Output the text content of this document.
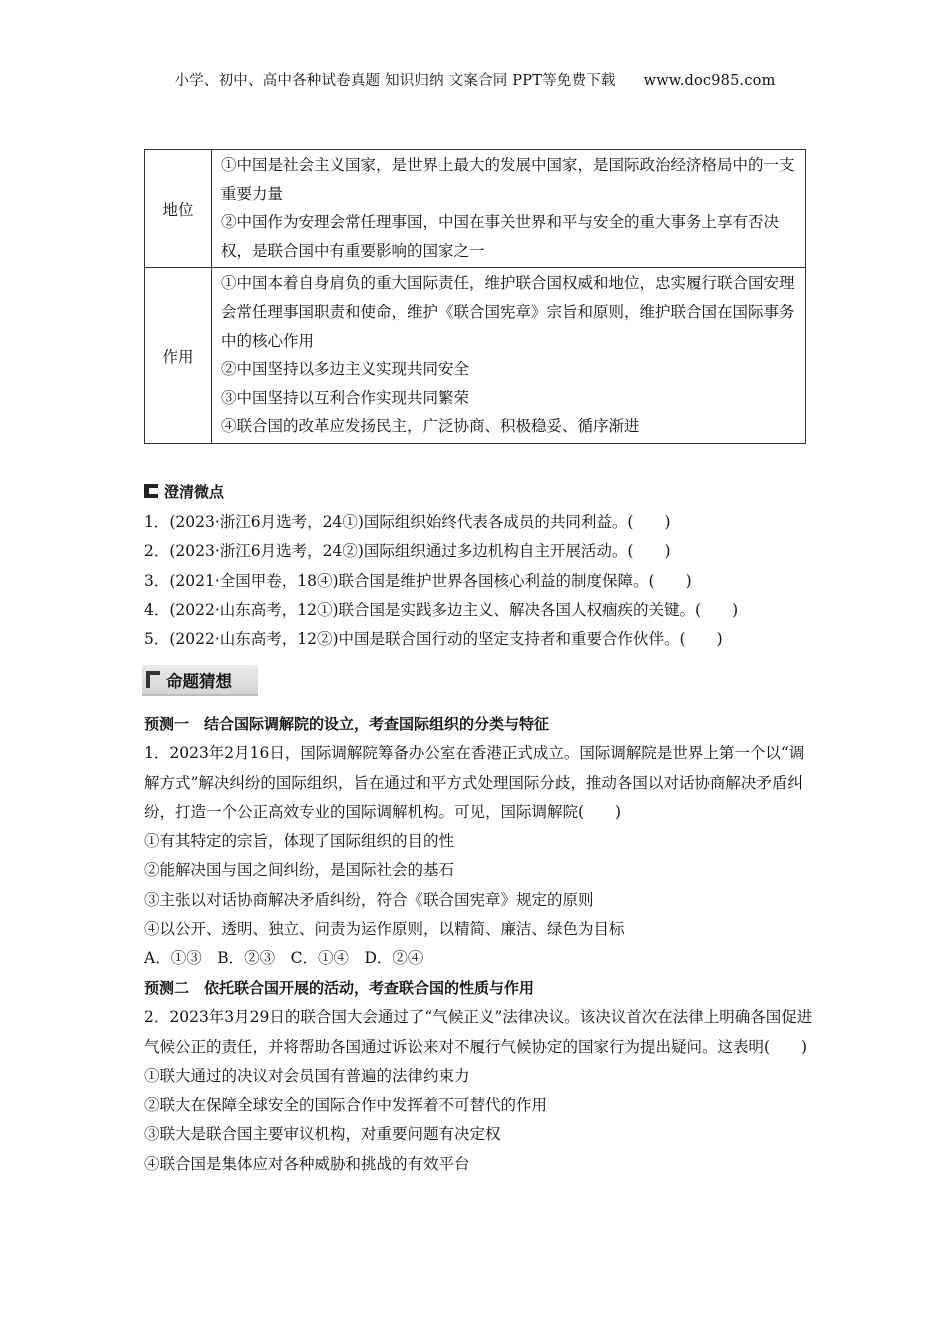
小学、初中、高中各种试卷真题 知识归纳 文案合同 PPT等免费下载 www.doc985.com
地位	①中国是社会主义国家，是世界上最大的发展中国家，是国际政治经济格局中的一支重要力量

②中国作为安理会常任理事国，中国在事关世界和平与安全的重大事务上享有否决权，是联合国中有重要影响的国家之一

作用	①中国本着自身肩负的重大国际责任，维护联合国权威和地位，忠实履行联合国安理会常任理事国职责和使命，维护《联合国宪章》宗旨和原则，维护联合国在国际事务中的核心作用

②中国坚持以多边主义实现共同安全

③中国坚持以互利合作实现共同繁荣

④联合国的改革应发扬民主，广泛协商、积极稳妥、循序渐进

澄清微点

1．(2023·浙江6月选考，24①)国际组织始终代表各成员的共同利益。(　　)

2．(2023·浙江6月选考，24②)国际组织通过多边机构自主开展活动。(　　)

3．(2021·全国甲卷，18④)联合国是维护世界各国核心利益的制度保障。(　　)

4．(2022·山东高考，12①)联合国是实践多边主义、解决各国人权痼疾的关键。(　　)

5．(2022·山东高考，12②)中国是联合国行动的坚定支持者和重要合作伙伴。(　　)

命题猜想

预测一　结合国际调解院的设立，考查国际组织的分类与特征

1．2023年2月16日，国际调解院筹备办公室在香港正式成立。国际调解院是世界上第一个以“调解方式”解决纠纷的国际组织，旨在通过和平方式处理国际分歧，推动各国以对话协商解决矛盾纠纷，打造一个公正高效专业的国际调解机构。可见，国际调解院(　　)

①有其特定的宗旨，体现了国际组织的目的性

②能解决国与国之间纠纷，是国际社会的基石

③主张以对话协商解决矛盾纠纷，符合《联合国宪章》规定的原则

④以公开、透明、独立、问责为运作原则，以精简、廉洁、绿色为目标

A．①③　B．②③　C．①④　D．②④

预测二　依托联合国开展的活动，考查联合国的性质与作用

2．2023年3月29日的联合国大会通过了“气候正义”法律决议。该决议首次在法律上明确各国促进气候公正的责任，并将帮助各国通过诉讼来对不履行气候协定的国家行为提出疑问。这表明(　　)

①联大通过的决议对会员国有普遍的法律约束力

②联大在保障全球安全的国际合作中发挥着不可替代的作用

③联大是联合国主要审议机构，对重要问题有决定权

④联合国是集体应对各种威胁和挑战的有效平台
